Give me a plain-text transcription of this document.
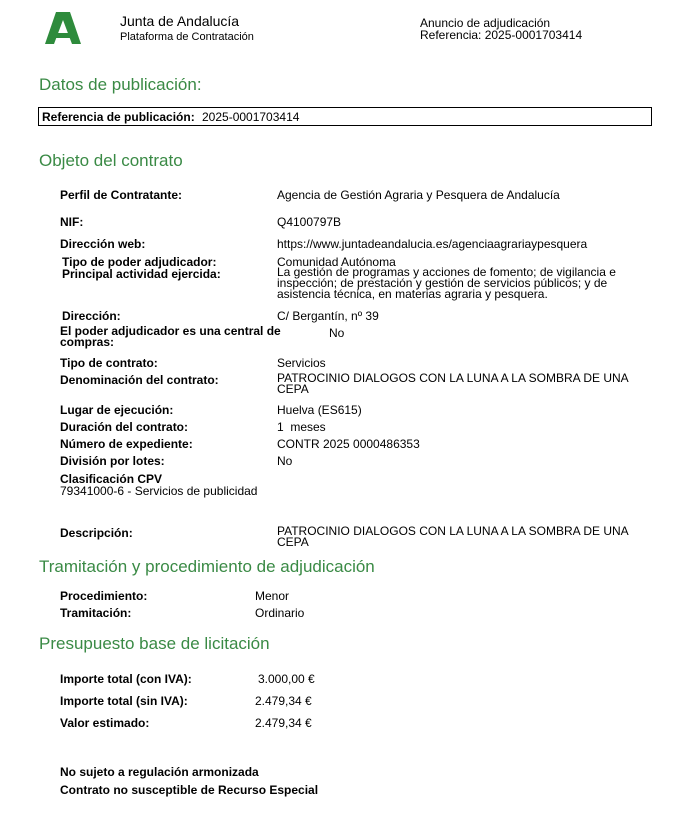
Junta de Andalucía
Plataforma de Contratación
Anuncio de adjudicación
Referencia: 2025-0001703414
Datos de publicación:
Referencia de publicación: 2025-0001703414
Objeto del contrato
Perfil de Contratante:	Agencia de Gestión Agraria y Pesquera de Andalucía
NIF:	Q4100797B
Dirección web:	https://www.juntadeandalucia.es/agenciaagrariaypesquera
Tipo de poder adjudicador:	Comunidad Autónoma
Principal actividad ejercida:	La gestión de programas y acciones de fomento; de vigilancia e inspección; de prestación y gestión de servicios públicos; y de asistencia técnica, en materias agraria y pesquera.
Dirección:	C/ Bergantín, nº 39
El poder adjudicador es una central de compras:
No
Tipo de contrato:	Servicios
Denominación del contrato:	PATROCINIO DIALOGOS CON LA LUNA A LA SOMBRA DE UNA CEPA
Lugar de ejecución:	Huelva (ES615)
Duración del contrato:	1  meses
Número de expediente:	CONTR 2025 0000486353
División por lotes:	No
Clasificación CPV
79341000-6 - Servicios de publicidad
Descripción:	PATROCINIO DIALOGOS CON LA LUNA A LA SOMBRA DE UNA CEPA
Tramitación y procedimiento de adjudicación
Procedimiento:	Menor
Tramitación:	Ordinario
Presupuesto base de licitación
Importe total (con IVA):	3.000,00 €
Importe total (sin IVA):	2.479,34 €
Valor estimado:	2.479,34 €
No sujeto a regulación armonizada
Contrato no susceptible de Recurso Especial
